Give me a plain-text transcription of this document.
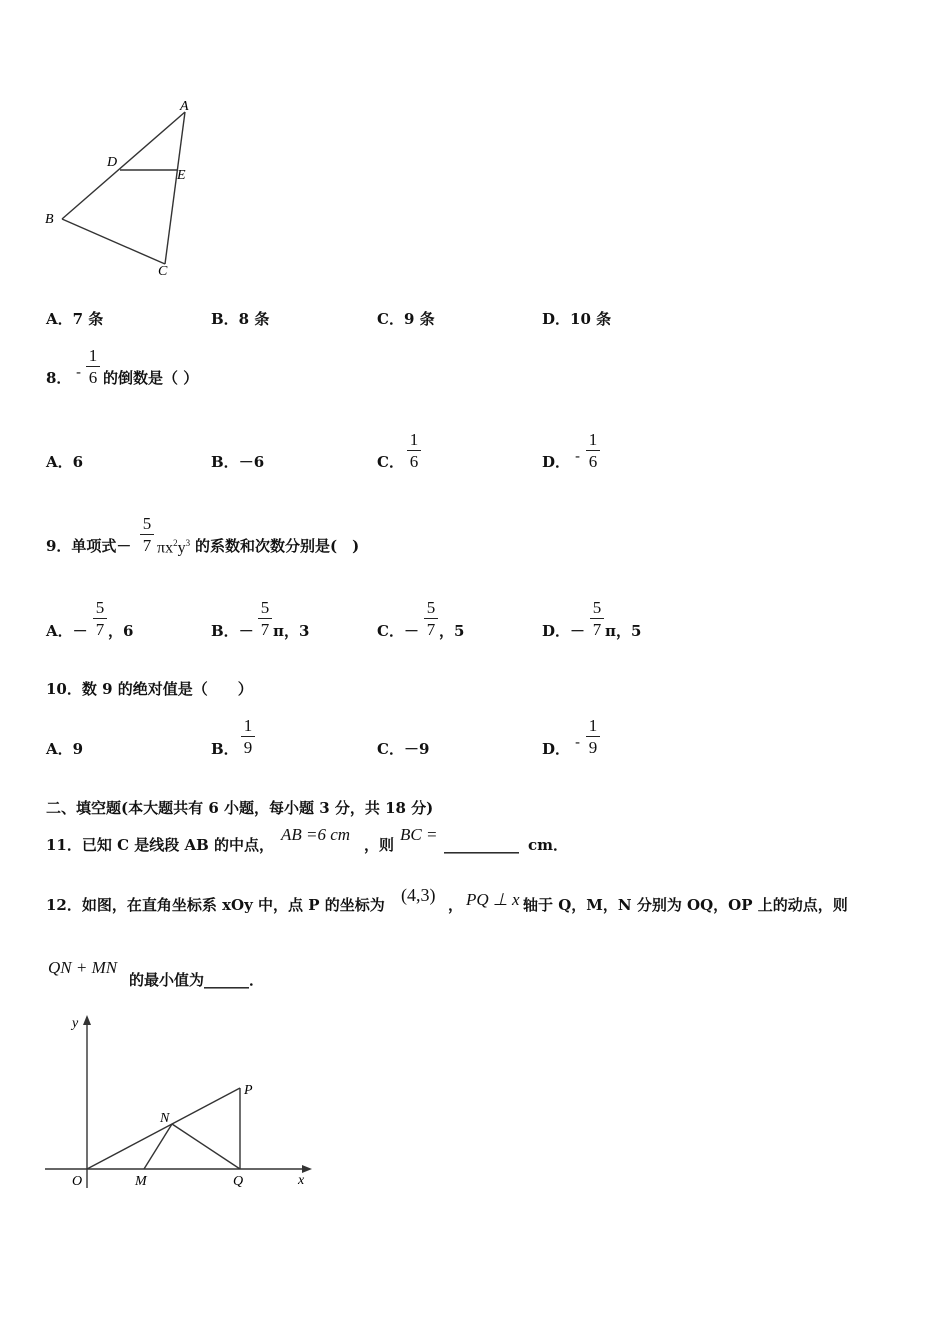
A
D
E
B
C
A．7 条	B．8 条	C．9 条	D．10 条
8． -
1
6 的倒数是（ ）
A．6	B．－6	C．
1
6	D． -
1
6
9．单项式－
5
7 $\pi x^2y^3$ 的系数和次数分别是(　)
A．－
5
7 ，6	B．－
5
7 π，3	C．－
5
7 ，5	D．－
5
7 π，5
10．数 9 的绝对值是（　　）
A．9	B．
1
9	C．－9	D． -
1
9
二、填空题(本大题共有 6 小题，每小题 3 分，共 18 分)
11．已知 C 是线段 AB 的中点，
AB =6 cm
，则
BC =
__________ cm．
12．如图，在直角坐标系 xOy 中，点 P 的坐标为 (4,3) ， PQ ⊥ x 轴于 Q，M，N 分别为 OQ，OP 上的动点，则
QN + MN
的最小值为______．
y
x
O	M	Q
N
P
